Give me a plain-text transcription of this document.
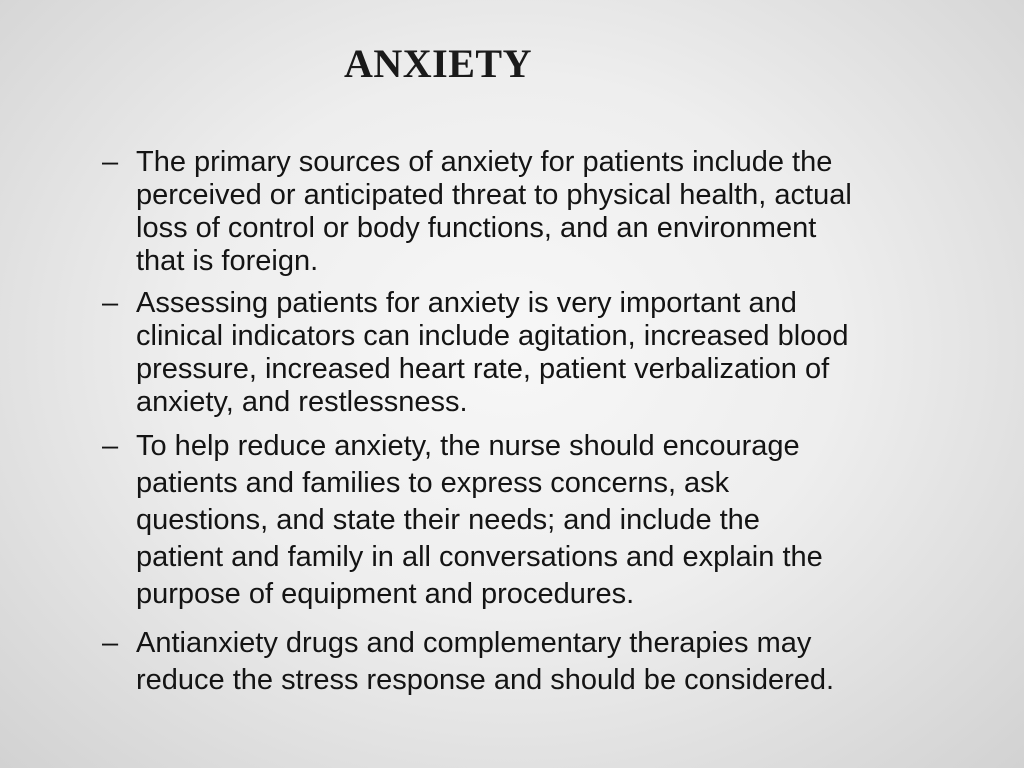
ANXIETY
– The primary sources of anxiety for patients include the
perceived or anticipated threat to physical health, actual
loss of control or body functions, and an environment
that is foreign.
– Assessing patients for anxiety is very important and
clinical indicators can include agitation, increased blood
pressure, increased heart rate, patient verbalization of
anxiety, and restlessness.
– To help reduce anxiety, the nurse should encourage
patients and families to express concerns, ask
questions, and state their needs; and include the
patient and family in all conversations and explain the
purpose of equipment and procedures.
– Antianxiety drugs and complementary therapies may
reduce the stress response and should be considered.
